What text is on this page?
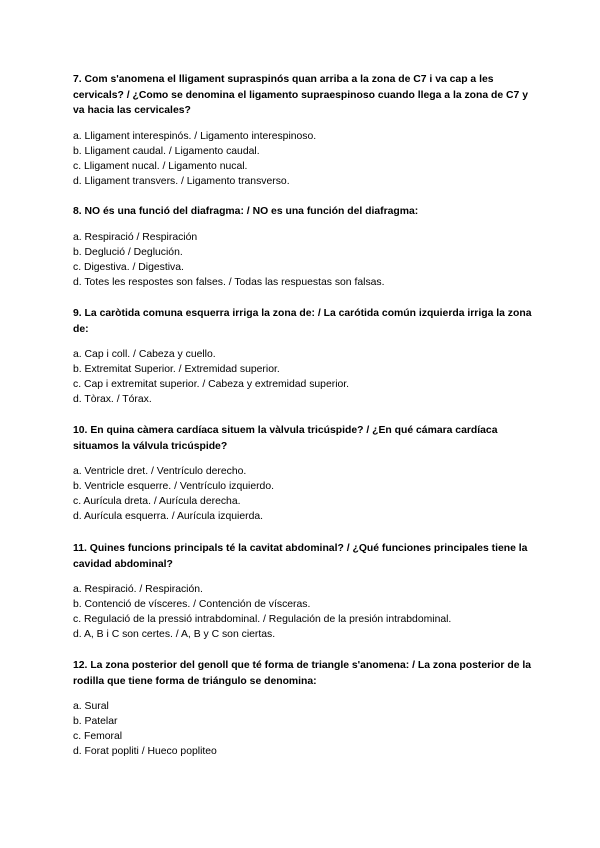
7. Com s'anomena el lligament supraspinós quan arriba a la zona de C7 i va cap a les cervicals? / ¿Como se denomina el ligamento supraespinoso cuando llega a la zona de C7 y va hacia las cervicales?

a. Lligament interespinós. / Ligamento interespinoso.
b. Lligament caudal. / Ligamento caudal.
c. Lligament nucal. / Ligamento nucal.
d. Lligament transvers. / Ligamento transverso.

8. NO és una funció del diafragma: / NO es una función del diafragma:

a. Respiració / Respiración
b. Deglució / Deglución.
c. Digestiva. / Digestiva.
d. Totes les respostes son falses. / Todas las respuestas son falsas.

9. La caròtida comuna esquerra irriga la zona de: / La carótida común izquierda irriga la zona de:

a. Cap i coll. / Cabeza y cuello.
b. Extremitat Superior. / Extremidad superior.
c. Cap i extremitat superior. / Cabeza y extremidad superior.
d. Tòrax. / Tórax.

10. En quina càmera cardíaca situem la vàlvula tricúspide? / ¿En qué cámara cardíaca situamos la válvula tricúspide?

a. Ventricle dret. / Ventrículo derecho.
b. Ventricle esquerre. / Ventrículo izquierdo.
c. Aurícula dreta. / Aurícula derecha.
d. Aurícula esquerra. / Aurícula izquierda.

11. Quines funcions principals té la cavitat abdominal? / ¿Qué funciones principales tiene la cavidad abdominal?

a. Respiració. / Respiración.
b. Contenció de vísceres. / Contención de vísceras.
c. Regulació de la pressió intrabdominal. / Regulación de la presión intrabdominal.
d. A, B i C son certes. / A, B y C son ciertas.

12. La zona posterior del genoll que té forma de triangle s'anomena: / La zona posterior de la rodilla que tiene forma de triángulo se denomina:

a. Sural
b. Patelar
c. Femoral
d. Forat popliti / Hueco popliteo
